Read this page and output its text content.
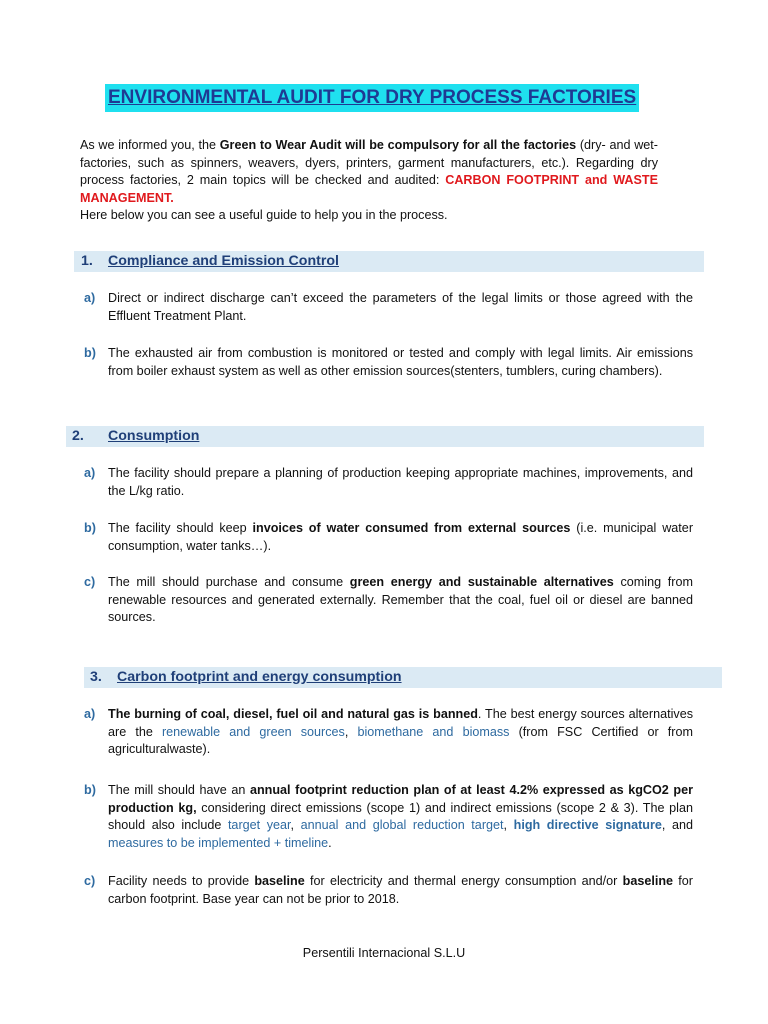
ENVIRONMENTAL AUDIT FOR DRY PROCESS FACTORIES

As we informed you, the Green to Wear Audit will be compulsory for all the factories (dry- and wet-factories, such as spinners, weavers, dyers, printers, garment manufacturers, etc.). Regarding dry process factories, 2 main topics will be checked and audited: CARBON FOOTPRINT and WASTE MANAGEMENT.

Here below you can see a useful guide to help you in the process.

1. Compliance and Emission Control
a) Direct or indirect discharge can’t exceed the parameters of the legal limits or those agreed with the Effluent Treatment Plant.
b) The exhausted air from combustion is monitored or tested and comply with legal limits. Air emissions from boiler exhaust system as well as other emission sources(stenters, tumblers, curing chambers).
2. Consumption
a) The facility should prepare a planning of production keeping appropriate machines, improvements, and the L/kg ratio.
b) The facility should keep invoices of water consumed from external sources (i.e. municipal water consumption, water tanks…).
c) The mill should purchase and consume green energy and sustainable alternatives coming from renewable resources and generated externally. Remember that the coal, fuel oil or diesel are banned sources.
3. Carbon footprint and energy consumption
a) The burning of coal, diesel, fuel oil and natural gas is banned. The best energy sources alternatives are the renewable and green sources, biomethane and biomass (from FSC Certified or from agriculturalwaste).
b) The mill should have an annual footprint reduction plan of at least 4.2% expressed as kgCO2 per production kg, considering direct emissions (scope 1) and indirect emissions (scope 2 & 3). The plan should also include target year, annual and global reduction target, high directive signature, and measures to be implemented + timeline.
c) Facility needs to provide baseline for electricity and thermal energy consumption and/or baseline for carbon footprint. Base year can not be prior to 2018.
Persentili Internacional S.L.U
